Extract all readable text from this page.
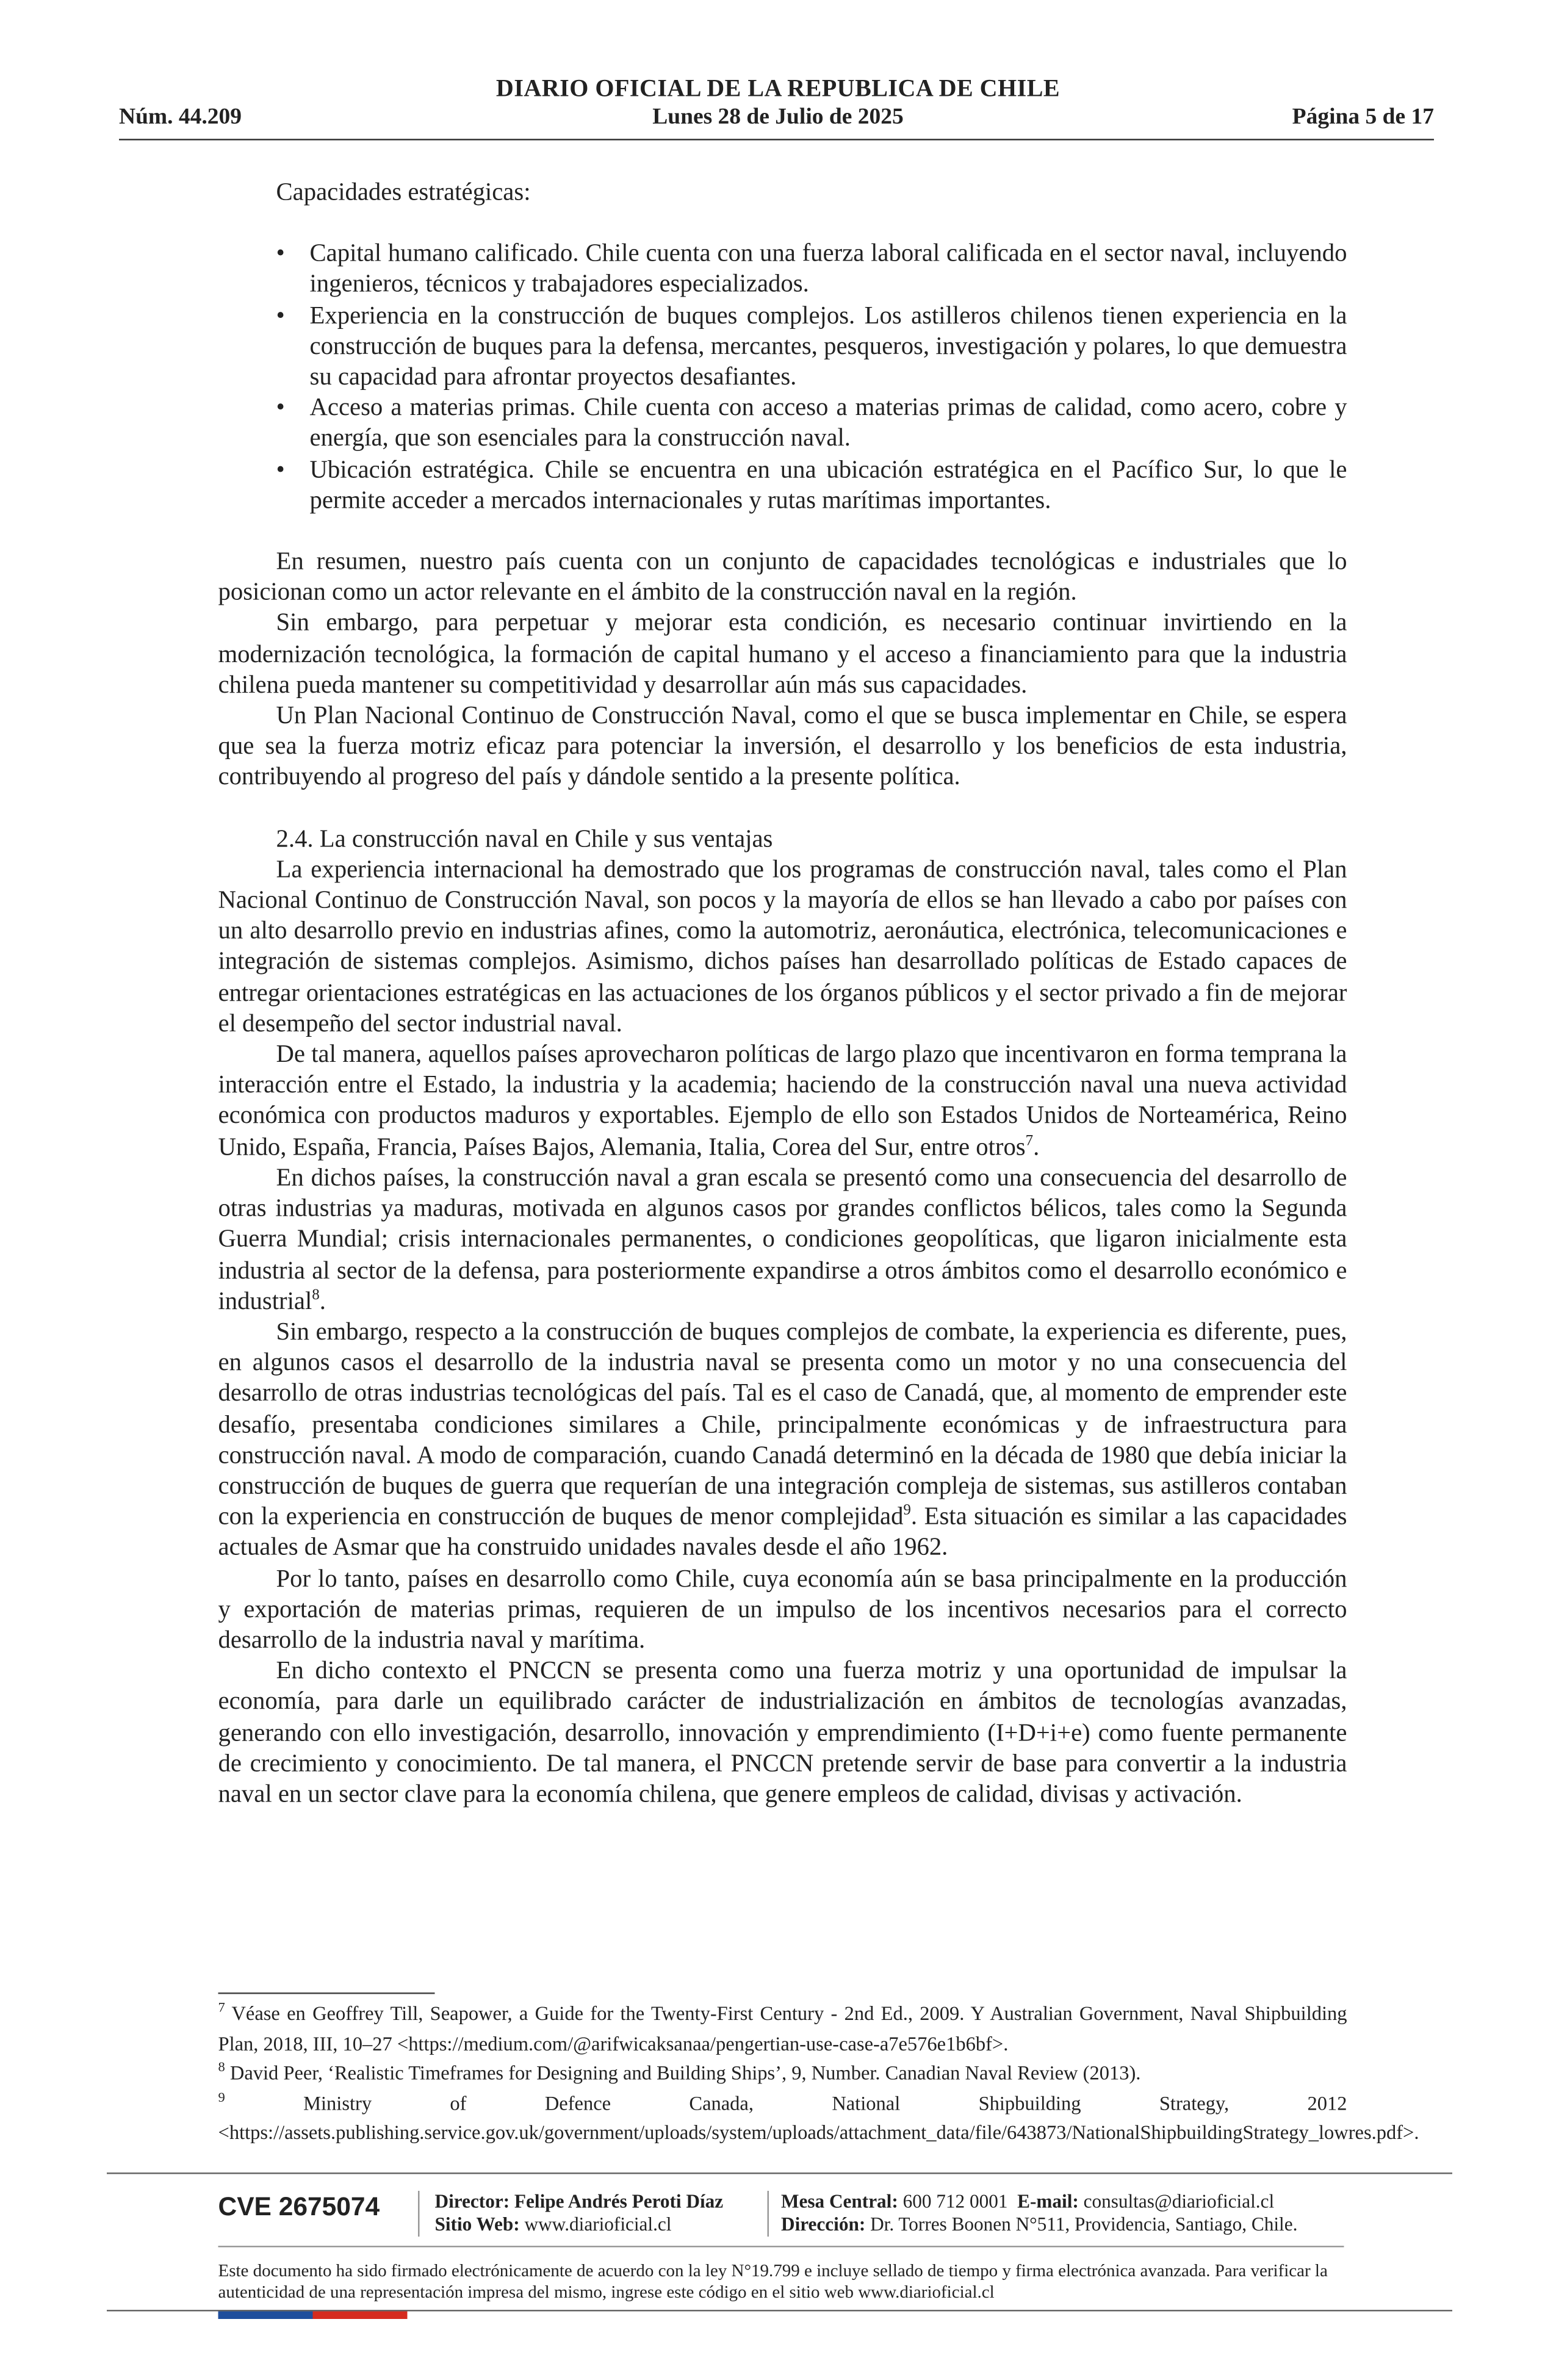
DIARIO OFICIAL DE LA REPUBLICA DE CHILE
Núm. 44.209	Lunes 28 de Julio de 2025	Página 5 de 17

Capacidades estratégicas:

• Capital humano calificado. Chile cuenta con una fuerza laboral calificada en el sector naval, incluyendo ingenieros, técnicos y trabajadores especializados.
• Experiencia en la construcción de buques complejos. Los astilleros chilenos tienen experiencia en la construcción de buques para la defensa, mercantes, pesqueros, investigación y polares, lo que demuestra su capacidad para afrontar proyectos desafiantes.
• Acceso a materias primas. Chile cuenta con acceso a materias primas de calidad, como acero, cobre y energía, que son esenciales para la construcción naval.
• Ubicación estratégica. Chile se encuentra en una ubicación estratégica en el Pacífico Sur, lo que le permite acceder a mercados internacionales y rutas marítimas importantes.

En resumen, nuestro país cuenta con un conjunto de capacidades tecnológicas e industriales que lo posicionan como un actor relevante en el ámbito de la construcción naval en la región.

Sin embargo, para perpetuar y mejorar esta condición, es necesario continuar invirtiendo en la modernización tecnológica, la formación de capital humano y el acceso a financiamiento para que la industria chilena pueda mantener su competitividad y desarrollar aún más sus capacidades.

Un Plan Nacional Continuo de Construcción Naval, como el que se busca implementar en Chile, se espera que sea la fuerza motriz eficaz para potenciar la inversión, el desarrollo y los beneficios de esta industria, contribuyendo al progreso del país y dándole sentido a la presente política.

2.4. La construcción naval en Chile y sus ventajas

La experiencia internacional ha demostrado que los programas de construcción naval, tales como el Plan Nacional Continuo de Construcción Naval, son pocos y la mayoría de ellos se han llevado a cabo por países con un alto desarrollo previo en industrias afines, como la automotriz, aeronáutica, electrónica, telecomunicaciones e integración de sistemas complejos. Asimismo, dichos países han desarrollado políticas de Estado capaces de entregar orientaciones estratégicas en las actuaciones de los órganos públicos y el sector privado a fin de mejorar el desempeño del sector industrial naval.

De tal manera, aquellos países aprovecharon políticas de largo plazo que incentivaron en forma temprana la interacción entre el Estado, la industria y la academia; haciendo de la construcción naval una nueva actividad económica con productos maduros y exportables. Ejemplo de ello son Estados Unidos de Norteamérica, Reino Unido, España, Francia, Países Bajos, Alemania, Italia, Corea del Sur, entre otros$^7$.

En dichos países, la construcción naval a gran escala se presentó como una consecuencia del desarrollo de otras industrias ya maduras, motivada en algunos casos por grandes conflictos bélicos, tales como la Segunda Guerra Mundial; crisis internacionales permanentes, o condiciones geopolíticas, que ligaron inicialmente esta industria al sector de la defensa, para posteriormente expandirse a otros ámbitos como el desarrollo económico e industrial$^8$.

Sin embargo, respecto a la construcción de buques complejos de combate, la experiencia es diferente, pues, en algunos casos el desarrollo de la industria naval se presenta como un motor y no una consecuencia del desarrollo de otras industrias tecnológicas del país. Tal es el caso de Canadá, que, al momento de emprender este desafío, presentaba condiciones similares a Chile, principalmente económicas y de infraestructura para construcción naval. A modo de comparación, cuando Canadá determinó en la década de 1980 que debía iniciar la construcción de buques de guerra que requerían de una integración compleja de sistemas, sus astilleros contaban con la experiencia en construcción de buques de menor complejidad$^9$. Esta situación es similar a las capacidades actuales de Asmar que ha construido unidades navales desde el año 1962.

Por lo tanto, países en desarrollo como Chile, cuya economía aún se basa principalmente en la producción y exportación de materias primas, requieren de un impulso de los incentivos necesarios para el correcto desarrollo de la industria naval y marítima.

En dicho contexto el PNCCN se presenta como una fuerza motriz y una oportunidad de impulsar la economía, para darle un equilibrado carácter de industrialización en ámbitos de tecnologías avanzadas, generando con ello investigación, desarrollo, innovación y emprendimiento (I+D+i+e) como fuente permanente de crecimiento y conocimiento. De tal manera, el PNCCN pretende servir de base para convertir a la industria naval en un sector clave para la economía chilena, que genere empleos de calidad, divisas y activación.

$^7$ Véase en Geoffrey Till, Seapower, a Guide for the Twenty-First Century - 2nd Ed., 2009. Y Australian Government, Naval Shipbuilding Plan, 2018, III, 10–27 <https://medium.com/@arifwicaksanaa/pengertian-use-case-a7e576e1b6bf>.

$^8$ David Peer, ‘Realistic Timeframes for Designing and Building Ships’, 9, Number. Canadian Naval Review (2013).

$^9$	Ministry of Defence Canada, National Shipbuilding Strategy, 2012 <https://assets.publishing.service.gov.uk/government/uploads/system/uploads/attachment_data/file/643873/NationalShipbuildingStrategy_lowres.pdf>.

CVE 2675074	Director: Felipe Andrés Peroti Díaz
Sitio Web: www.diarioficial.cl
Mesa Central: 600 712 0001 E-mail: consultas@diarioficial.cl
Dirección: Dr. Torres Boonen N°511, Providencia, Santiago, Chile.
Este documento ha sido firmado electrónicamente de acuerdo con la ley N°19.799 e incluye sellado de tiempo y firma electrónica avanzada. Para verificar la autenticidad de una representación impresa del mismo, ingrese este código en el sitio web www.diarioficial.cl
